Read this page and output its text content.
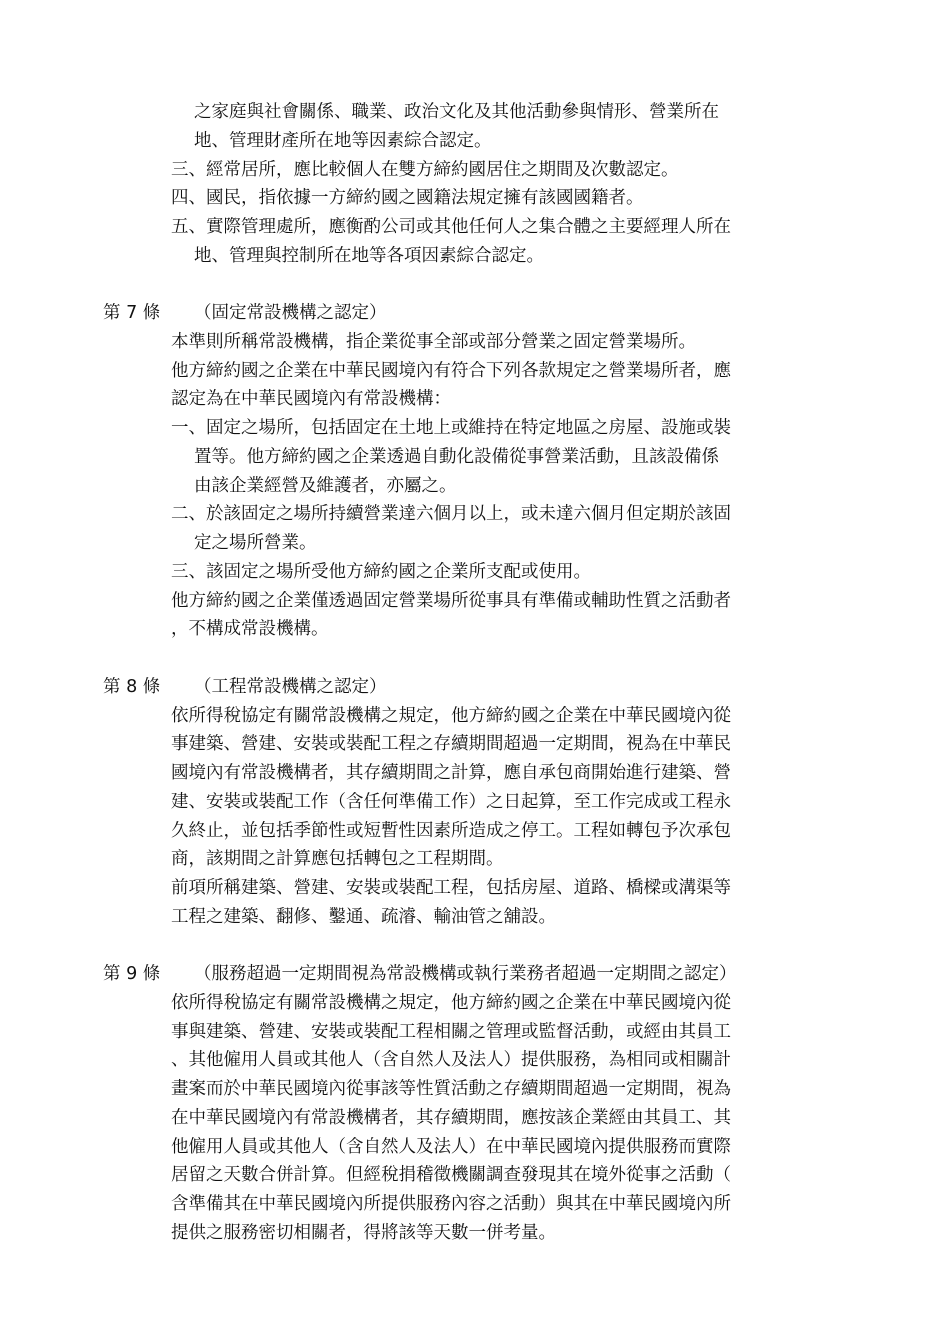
之家庭與社會關係、職業、政治文化及其他活動參與情形、營業所在

地、管理財產所在地等因素綜合認定。

三、經常居所，應比較個人在雙方締約國居住之期間及次數認定。

四、國民，指依據一方締約國之國籍法規定擁有該國國籍者。

五、實際管理處所，應衡酌公司或其他任何人之集合體之主要經理人所在

地、管理與控制所在地等各項因素綜合認定。

第 7 條 （固定常設機構之認定）

本準則所稱常設機構，指企業從事全部或部分營業之固定營業場所。

他方締約國之企業在中華民國境內有符合下列各款規定之營業場所者，應

認定為在中華民國境內有常設機構：

一、固定之場所，包括固定在土地上或維持在特定地區之房屋、設施或裝

置等。他方締約國之企業透過自動化設備從事營業活動，且該設備係

由該企業經營及維護者，亦屬之。

二、於該固定之場所持續營業達六個月以上，或未達六個月但定期於該固

定之場所營業。

三、該固定之場所受他方締約國之企業所支配或使用。

他方締約國之企業僅透過固定營業場所從事具有準備或輔助性質之活動者

，不構成常設機構。

第 8 條 （工程常設機構之認定）

依所得稅協定有關常設機構之規定，他方締約國之企業在中華民國境內從

事建築、營建、安裝或裝配工程之存續期間超過一定期間，視為在中華民

國境內有常設機構者，其存續期間之計算，應自承包商開始進行建築、營

建、安裝或裝配工作（含任何準備工作）之日起算，至工作完成或工程永

久終止，並包括季節性或短暫性因素所造成之停工。工程如轉包予次承包

商，該期間之計算應包括轉包之工程期間。

前項所稱建築、營建、安裝或裝配工程，包括房屋、道路、橋樑或溝渠等

工程之建築、翻修、鑿通、疏濬、輸油管之舖設。

第 9 條 （服務超過一定期間視為常設機構或執行業務者超過一定期間之認定）

依所得稅協定有關常設機構之規定，他方締約國之企業在中華民國境內從

事與建築、營建、安裝或裝配工程相關之管理或監督活動，或經由其員工

、其他僱用人員或其他人（含自然人及法人）提供服務，為相同或相關計

畫案而於中華民國境內從事該等性質活動之存續期間超過一定期間，視為

在中華民國境內有常設機構者，其存續期間，應按該企業經由其員工、其

他僱用人員或其他人（含自然人及法人）在中華民國境內提供服務而實際

居留之天數合併計算。但經稅捐稽徵機關調查發現其在境外從事之活動（

含準備其在中華民國境內所提供服務內容之活動）與其在中華民國境內所

提供之服務密切相關者，得將該等天數一併考量。
